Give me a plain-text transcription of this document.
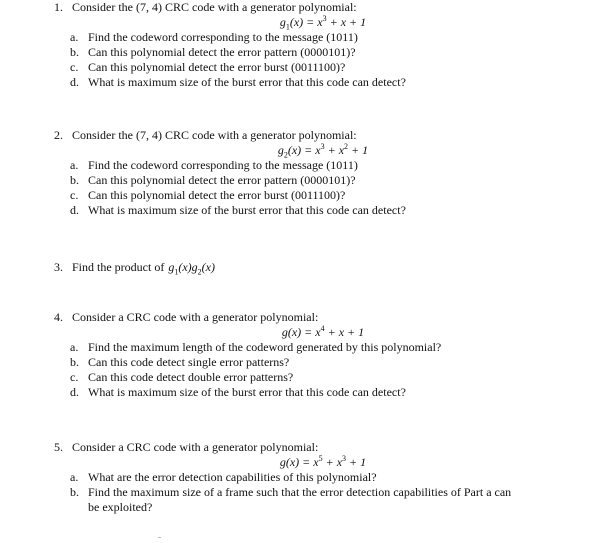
1. Consider the (7, 4) CRC code with a generator polynomial:
$g_1(x) = x^3 + x + 1$
a. Find the codeword corresponding to the message (1011)
b. Can this polynomial detect the error pattern (0000101)?
c. Can this polynomial detect the error burst (0011100)?
d. What is maximum size of the burst error that this code can detect?
2. Consider the (7, 4) CRC code with a generator polynomial:
$g_2(x) = x^3 + x^2 + 1$
a. Find the codeword corresponding to the message (1011)
b. Can this polynomial detect the error pattern (0000101)?
c. Can this polynomial detect the error burst (0011100)?
d. What is maximum size of the burst error that this code can detect?
3. Find the product of $g_1(x)g_2(x)$
4. Consider a CRC code with a generator polynomial:
$g(x) = x^4 + x + 1$
a. Find the maximum length of the codeword generated by this polynomial?
b. Can this code detect single error patterns?
c. Can this code detect double error patterns?
d. What is maximum size of the burst error that this code can detect?
5. Consider a CRC code with a generator polynomial:
$g(x) = x^5 + x^3 + 1$
a. What are the error detection capabilities of this polynomial?
b. Find the maximum size of a frame such that the error detection capabilities of Part a can be exploited?
